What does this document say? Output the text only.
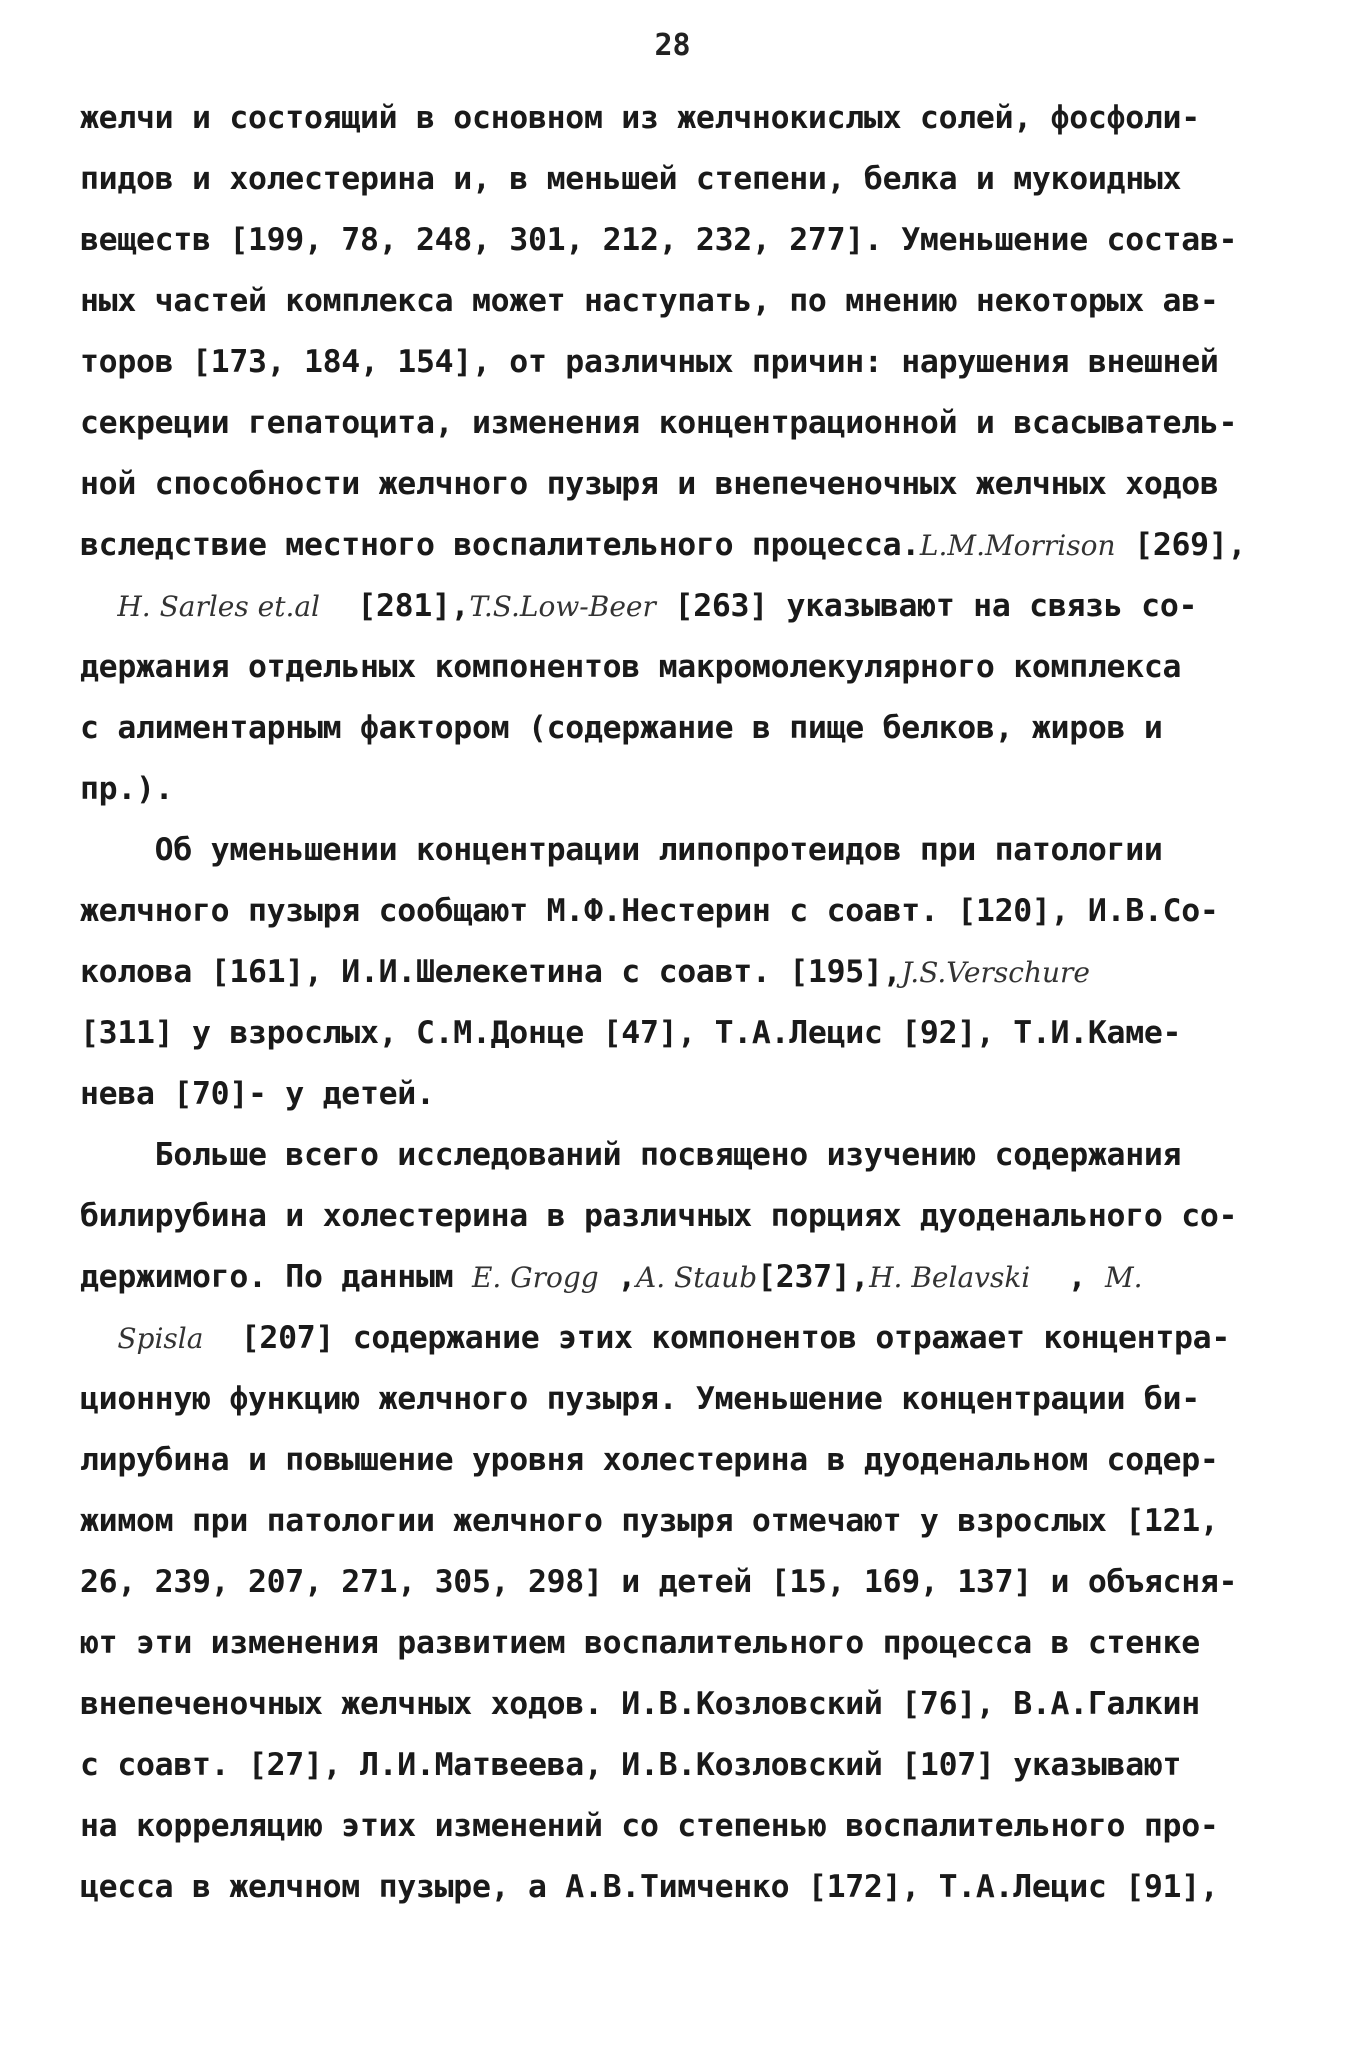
28
желчи и состоящий в основном из желчнокислых солей, фосфоли-
пидов и холестерина и, в меньшей степени, белка и мукоидных
веществ [199, 78, 248, 301, 212, 232, 277]. Уменьшение состав-
ных частей комплекса может наступать, по мнению некоторых ав-
торов [173, 184, 154], от различных причин: нарушения внешней
секреции гепатоцита, изменения концентрационной и всасыватель-
ной способности желчного пузыря и внепеченочных желчных ходов
вследствие местного воспалительного процесса.L.M.Morrison [269],
H. Sarles et.al [281],T.S.Low-Beer [263] указывают на связь со-
держания отдельных компонентов макромолекулярного комплекса
с алиментарным фактором (содержание в пище белков, жиров и
пр.).
Об уменьшении концентрации липопротеидов при патологии
желчного пузыря сообщают М.Ф.Нестерин с соавт. [120], И.В.Со-
колова [161], И.И.Шелекетина с соавт. [195],J.S.Verschure
[311] у взрослых, С.М.Донце [47], Т.А.Лецис [92], Т.И.Каме-
нева [70]- у детей.
Больше всего исследований посвящено изучению содержания
билирубина и холестерина в различных порциях дуоденального со-
держимого. По данным E. Grogg ,A. Staub[237],H. Belavski , M.
Spisla [207] содержание этих компонентов отражает концентра-
ционную функцию желчного пузыря. Уменьшение концентрации би-
лирубина и повышение уровня холестерина в дуоденальном содер-
жимом при патологии желчного пузыря отмечают у взрослых [121,
26, 239, 207, 271, 305, 298] и детей [15, 169, 137] и объясня-
ют эти изменения развитием воспалительного процесса в стенке
внепеченочных желчных ходов. И.В.Козловский [76], В.А.Галкин
с соавт. [27], Л.И.Матвеева, И.В.Козловский [107] указывают
на корреляцию этих изменений со степенью воспалительного про-
цесса в желчном пузыре, а А.В.Тимченко [172], Т.А.Лецис [91],
